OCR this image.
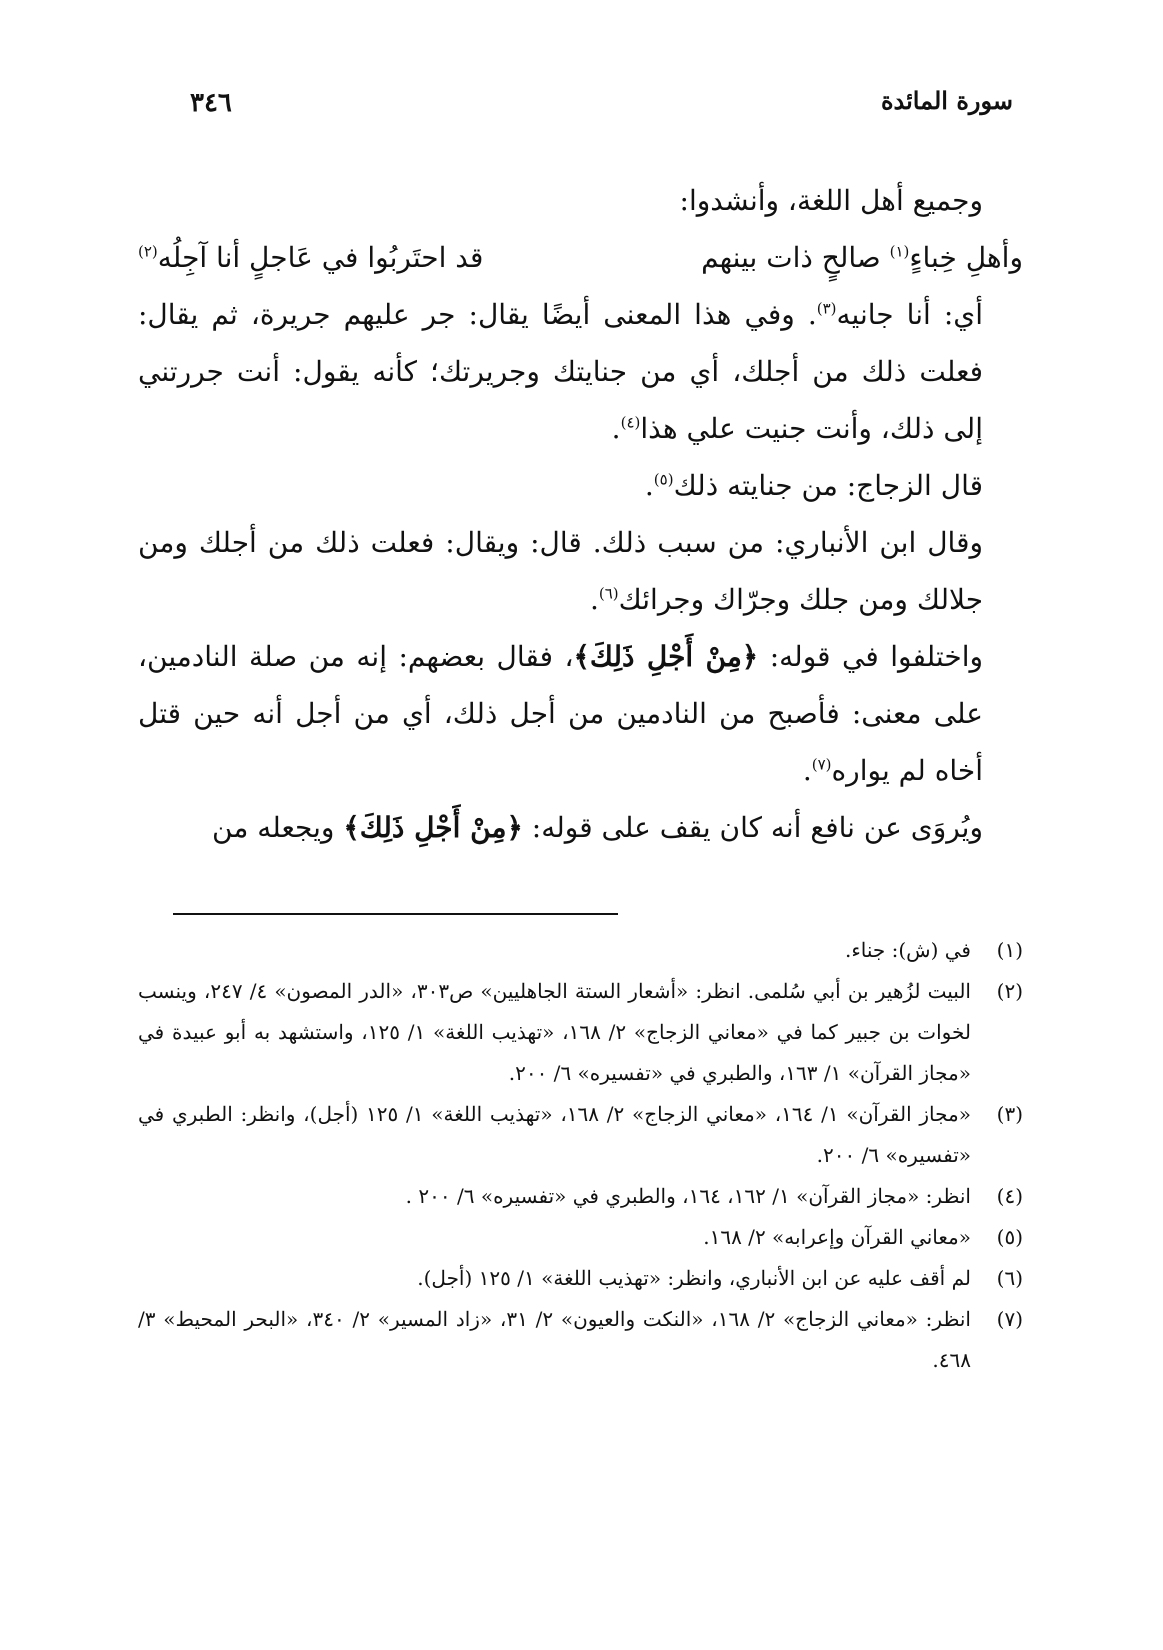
سورة المائدة
٣٤٦

وجميع أهل اللغة، وأنشدوا:

وأهلِ خِباءٍ$^{(١)}$ صالحٍ ذات بينهم
قد احتَربُوا في عَاجلٍ أنا آجِلُه$^{(٢)}$

أي: أنا جانيه$^{(٣)}$. وفي هذا المعنى أيضًا يقال: جر عليهم جريرة، ثم يقال: فعلت ذلك من أجلك، أي من جنايتك وجريرتك؛ كأنه يقول: أنت جررتني إلى ذلك، وأنت جنيت علي هذا$^{(٤)}$.

قال الزجاج: من جنايته ذلك$^{(٥)}$.

وقال ابن الأنباري: من سبب ذلك. قال: ويقال: فعلت ذلك من أجلك ومن جلالك ومن جلك وجرّاك وجرائك$^{(٦)}$.

واختلفوا في قوله: ﴿مِنْ أَجْلِ ذَلِكَ﴾، فقال بعضهم: إنه من صلة النادمين، على معنى: فأصبح من النادمين من أجل ذلك، أي من أجل أنه حين قتل أخاه لم يواره$^{(٧)}$.

ويُروَى عن نافع أنه كان يقف على قوله: ﴿مِنْ أَجْلِ ذَلِكَ﴾ ويجعله من

(١)
في (ش): جناء.
(٢)
البيت لزُهير بن أبي سُلمى. انظر: «أشعار الستة الجاهليين» ص٣٠٣، «الدر المصون» ٤/ ٢٤٧، وينسب لخوات بن جبير كما في «معاني الزجاج» ٢/ ١٦٨، «تهذيب اللغة» ١/ ١٢٥، واستشهد به أبو عبيدة في «مجاز القرآن» ١/ ١٦٣، والطبري في «تفسيره» ٦/ ٢٠٠.
(٣)
«مجاز القرآن» ١/ ١٦٤، «معاني الزجاج» ٢/ ١٦٨، «تهذيب اللغة» ١/ ١٢٥ (أجل)، وانظر: الطبري في «تفسيره» ٦/ ٢٠٠.
(٤)
انظر: «مجاز القرآن» ١/ ١٦٢، ١٦٤، والطبري في «تفسيره» ٦/ ٢٠٠ .
(٥)
«معاني القرآن وإعرابه» ٢/ ١٦٨.
(٦)
لم أقف عليه عن ابن الأنباري، وانظر: «تهذيب اللغة» ١/ ١٢٥ (أجل).
(٧)
انظر: «معاني الزجاج» ٢/ ١٦٨، «النكت والعيون» ٢/ ٣١، «زاد المسير» ٢/ ٣٤٠، «البحر المحيط» ٣/ ٤٦٨.
